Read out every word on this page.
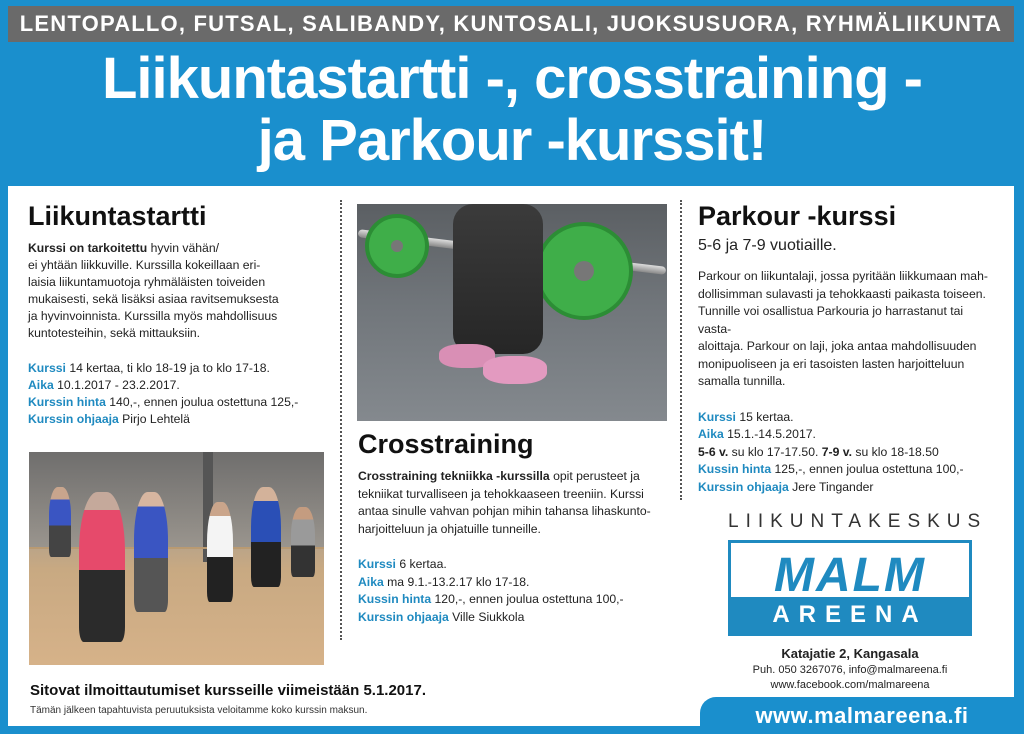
LENTOPALLO, FUTSAL, SALIBANDY, KUNTOSALI, JUOKSUSUORA, RYHMÄLIIKUNTA
Liikuntastartti -, crosstraining -
ja Parkour -kurssit!
Liikuntastartti

Kurssi on tarkoitettu hyvin vähän/

ei yhtään liikkuville. Kurssilla kokeillaan eri-

laisia liikuntamuotoja ryhmäläisten toiveiden

mukaisesti, sekä lisäksi asiaa ravitsemuksesta

ja hyvinvoinnista. Kurssilla myös mahdollisuus

kuntotesteihin, sekä mittauksiin.

Kurssi 14 kertaa, ti klo 18-19 ja to klo 17-18.

Aika 10.1.2017 - 23.2.2017.

Kurssin hinta 140,-, ennen joulua ostettuna 125,-

Kurssin ohjaaja Pirjo Lehtelä

Crosstraining

Crosstraining tekniikka -kurssilla opit perusteet ja

tekniikat turvalliseen ja tehokkaaseen treeniin. Kurssi

antaa sinulle vahvan pohjan mihin tahansa lihaskunto-

harjoitteluun ja ohjatuille tunneille.

Kurssi 6 kertaa.

Aika ma 9.1.-13.2.17 klo 17-18.

Kussin hinta 120,-, ennen joulua ostettuna 100,-

Kurssin ohjaaja Ville Siukkola

Parkour -kurssi
5-6 ja 7-9 vuotiaille.

Parkour on liikuntalaji, jossa pyritään liikkumaan mah-

dollisimman sulavasti ja tehokkaasti paikasta toiseen.

Tunnille voi osallistua Parkouria jo harrastanut tai vasta-

aloittaja. Parkour on laji, joka antaa mahdollisuuden

monipuoliseen ja eri tasoisten lasten harjoitteluun

samalla tunnilla.

Kurssi 15 kertaa.

Aika 15.1.-14.5.2017.

5-6 v. su klo 17-17.50. 7-9 v. su klo 18-18.50

Kussin hinta 125,-, ennen joulua ostettuna 100,-

Kurssin ohjaaja Jere Tingander

LIIKUNTAKESKUS
MALM
AREENA
Katajatie 2, Kangasala
Puh. 050 3267076, info@malmareena.fi
www.facebook.com/malmareena
Sitovat ilmoittautumiset kursseille viimeistään 5.1.2017.
Tämän jälkeen tapahtuvista peruutuksista veloitamme koko kurssin maksun.	www.malmareena.fi
